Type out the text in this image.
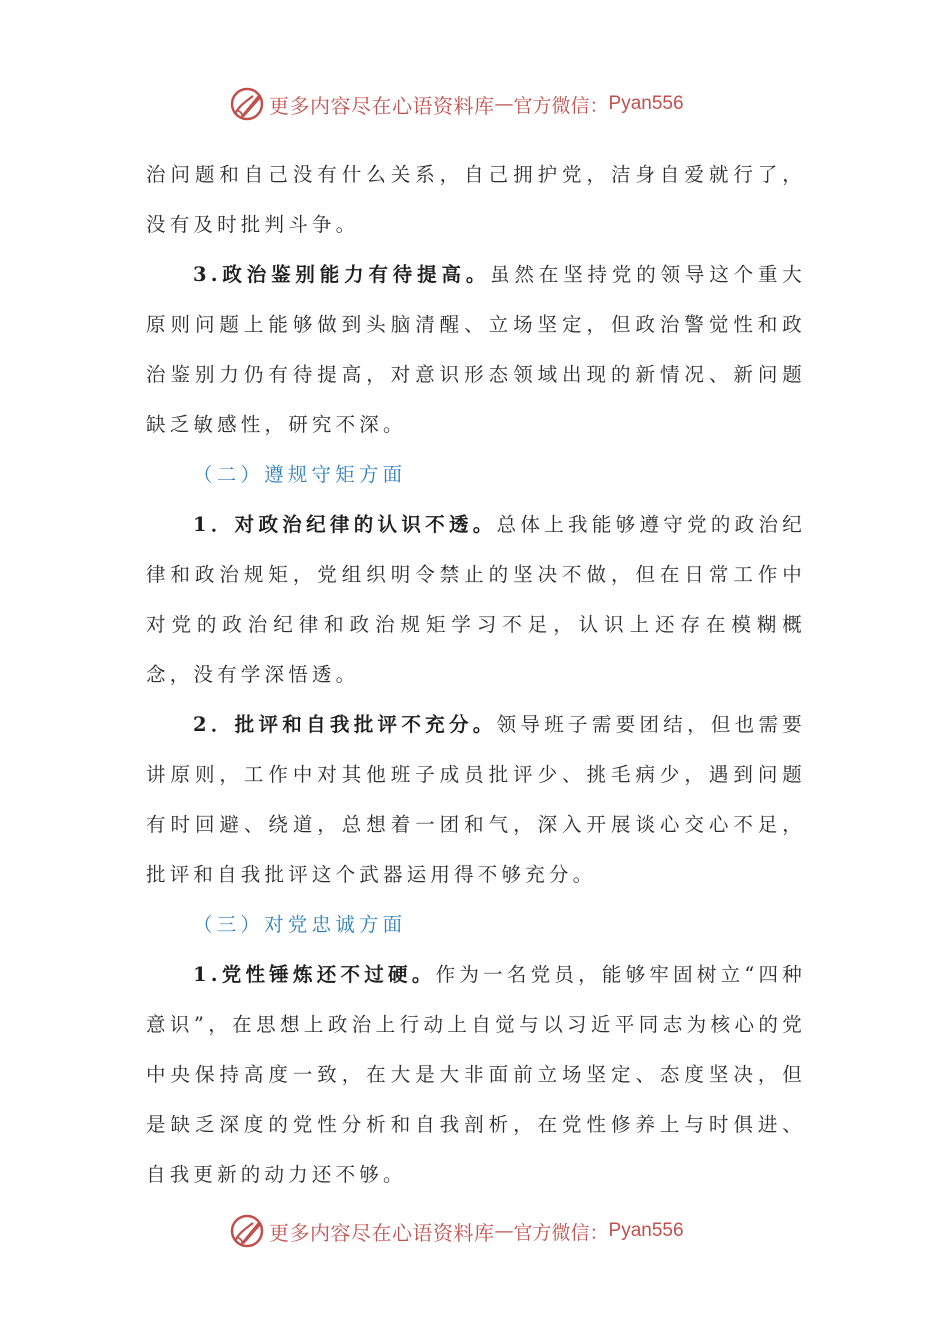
更多内容尽在心语资料库 — 官方微信： Pyan556

治问题和自己没有什么关系，自己拥护党，洁身自爱就行了，没有及时批判斗争。

3.政治鉴别能力有待提高。虽然在坚持党的领导这个重大原则问题上能够做到头脑清醒、立场坚定，但政治警觉性和政治鉴别力仍有待提高，对意识形态领域出现的新情况、新问题缺乏敏感性，研究不深。

（二）遵规守矩方面

1．对政治纪律的认识不透。总体上我能够遵守党的政治纪律和政治规矩，党组织明令禁止的坚决不做，但在日常工作中对党的政治纪律和政治规矩学习不足，认识上还存在模糊概念，没有学深悟透。

2．批评和自我批评不充分。领导班子需要团结，但也需要讲原则，工作中对其他班子成员批评少、挑毛病少，遇到问题有时回避、绕道，总想着一团和气，深入开展谈心交心不足，批评和自我批评这个武器运用得不够充分。

（三）对党忠诚方面

1.党性锤炼还不过硬。作为一名党员，能够牢固树立“四种意识”，在思想上政治上行动上自觉与以习近平同志为核心的党中央保持高度一致，在大是大非面前立场坚定、态度坚决，但是缺乏深度的党性分析和自我剖析，在党性修养上与时俱进、自我更新的动力还不够。

更多内容尽在心语资料库 — 官方微信： Pyan556
